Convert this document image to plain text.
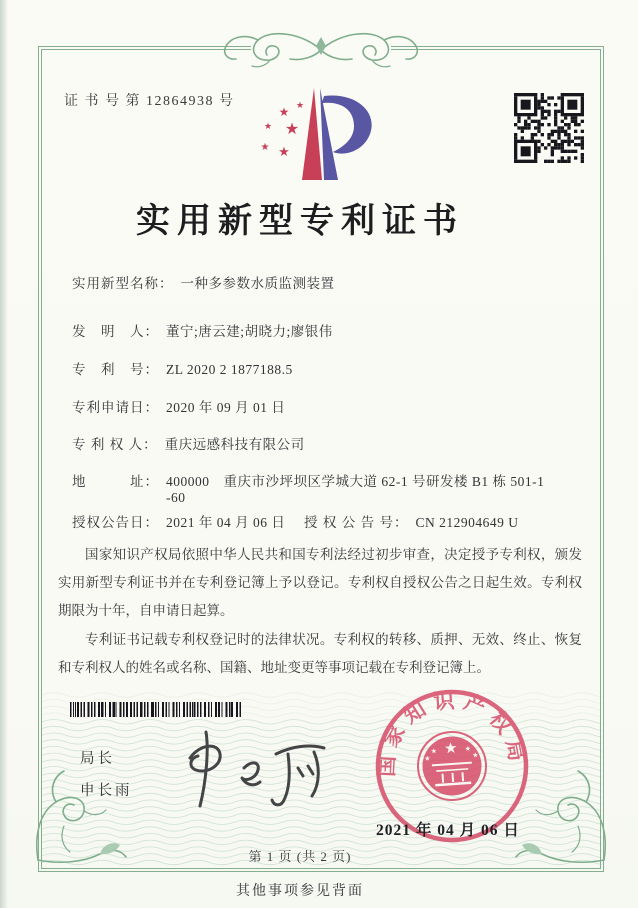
证 书 号 第 12864938 号	★
★
★ ★
★ ★
实用新型专利证书
实用新型名称： 一种多参数水质监测装置
发　明　人： 董宁;唐云建;胡晓力;廖银伟
专　利　号： ZL 2020 2 1877188.5
专利申请日： 2020 年 09 月 01 日
专 利 权 人： 重庆远感科技有限公司
地　　　址： 400000　重庆市沙坪坝区学城大道 62-1 号研发楼 B1 栋 501-1
-60
授权公告日： 2021 年 04 月 06 日 授 权 公 告 号： CN 212904649 U

国家知识产权局依照中华人民共和国专利法经过初步审查，决定授予专利权，颁发实用新型专利证书并在专利登记簿上予以登记。专利权自授权公告之日起生效。专利权期限为十年，自申请日起算。

专利证书记载专利权登记时的法律状况。专利权的转移、质押、无效、终止、恢复和专利权人的姓名或名称、国籍、地址变更等事项记载在专利登记簿上。

局长
申长雨
国家知识产权局
★
★	★
★	★
2021 年 04 月 06 日
第 1 页 (共 2 页)
其他事项参见背面
